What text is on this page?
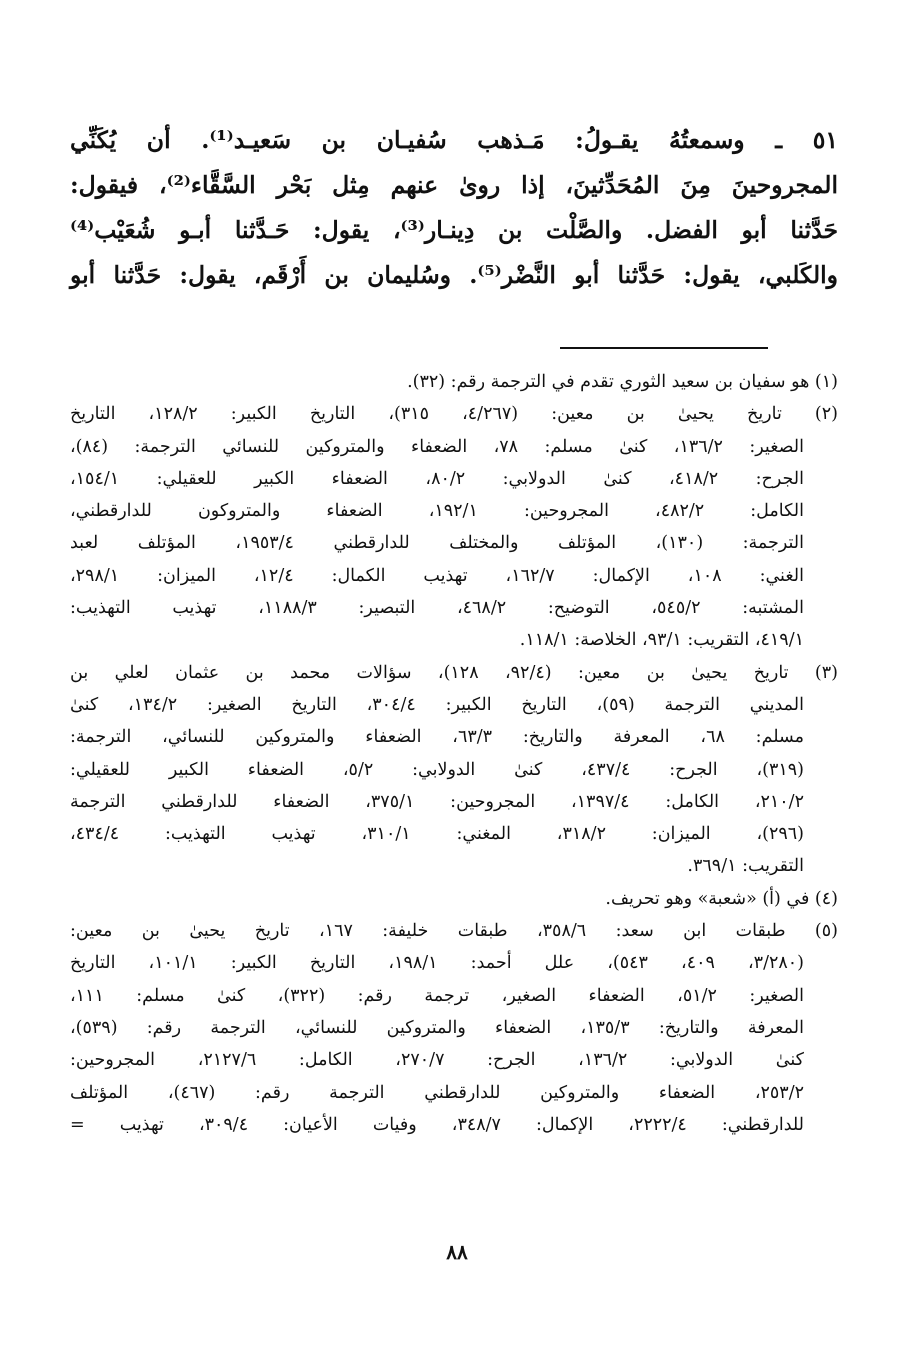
٥١ ـ وسمعتُهُ يقـولُ: مَـذهب سُفيـان بن سَعيـد⁽¹⁾. أن يُكَنِّي
المجروحينَ مِنَ المُحَدِّثينَ، إذا روىٰ عنهم مِثل بَحْر السَّقَّاء⁽²⁾، فيقول:
حَدَّثنا أبو الفضل. والصَّلْت بن دِينـار⁽³⁾، يقول: حَـدَّثنا أبـو شُعَيْب⁽⁴⁾
والكَلبي، يقول: حَدَّثنا أبو النَّضْر⁽⁵⁾. وسُليمان بن أَرْقَم، يقول: حَدَّثنا أبو
(١) هو سفيان بن سعيد الثوري تقدم في الترجمة رقم: (٣٢).
(٢) تاريخ يحيىٰ بن معين: (٤/٢٦٧، ٣١٥)، التاريخ الكبير: ١٢٨/٢، التاريخ
الصغير: ١٣٦/٢، كنىٰ مسلم: ٧٨، الضعفاء والمتروكين للنسائي الترجمة: (٨٤)،
الجرح: ٤١٨/٢، كنىٰ الدولابي: ٨٠/٢، الضعفاء الكبير للعقيلي: ١٥٤/١،
الكامل: ٤٨٢/٢، المجروحين: ١٩٢/١، الضعفاء والمتروكون للدارقطني،
الترجمة: (١٣٠)، المؤتلف والمختلف للدارقطني ١٩٥٣/٤، المؤتلف لعبد
الغني: ١٠٨، الإكمال: ١٦٢/٧، تهذيب الكمال: ١٢/٤، الميزان: ٢٩٨/١،
المشتبه: ٥٤٥/٢، التوضيح: ٤٦٨/٢، التبصير: ١١٨٨/٣، تهذيب التهذيب:
٤١٩/١، التقريب: ٩٣/١، الخلاصة: ١١٨/١.
(٣) تاريخ يحيىٰ بن معين: (٩٢/٤، ١٢٨)، سؤالات محمد بن عثمان لعلي بن
المديني الترجمة (٥٩)، التاريخ الكبير: ٣٠٤/٤، التاريخ الصغير: ١٣٤/٢، كنىٰ
مسلم: ٦٨، المعرفة والتاريخ: ٦٣/٣، الضعفاء والمتروكين للنسائي، الترجمة:
(٣١٩)، الجرح: ٤٣٧/٤، كنىٰ الدولابي: ٥/٢، الضعفاء الكبير للعقيلي:
٢١٠/٢، الكامل: ١٣٩٧/٤، المجروحين: ٣٧٥/١، الضعفاء للدارقطني الترجمة
(٢٩٦)، الميزان: ٣١٨/٢، المغني: ٣١٠/١، تهذيب التهذيب: ٤٣٤/٤،
التقريب: ٣٦٩/١.
(٤) في (أ) «شعبة» وهو تحريف.
(٥) طبقات ابن سعد: ٣٥٨/٦، طبقات خليفة: ١٦٧، تاريخ يحيىٰ بن معين:
(٣/٢٨٠، ٤٠٩، ٥٤٣)، علل أحمد: ١٩٨/١، التاريخ الكبير: ١٠١/١، التاريخ
الصغير: ٥١/٢، الضعفاء الصغير، ترجمة رقم: (٣٢٢)، كنىٰ مسلم: ١١١،
المعرفة والتاريخ: ١٣٥/٣، الضعفاء والمتروكين للنسائي، الترجمة رقم: (٥٣٩)،
كنىٰ الدولابي: ١٣٦/٢، الجرح: ٢٧٠/٧، الكامل: ٢١٢٧/٦، المجروحين:
٢٥٣/٢، الضعفاء والمتروكين للدارقطني الترجمة رقم: (٤٦٧)، المؤتلف
للدارقطني: ٢٢٢٢/٤، الإكمال: ٣٤٨/٧، وفيات الأعيان: ٣٠٩/٤، تهذيب =
٨٨
